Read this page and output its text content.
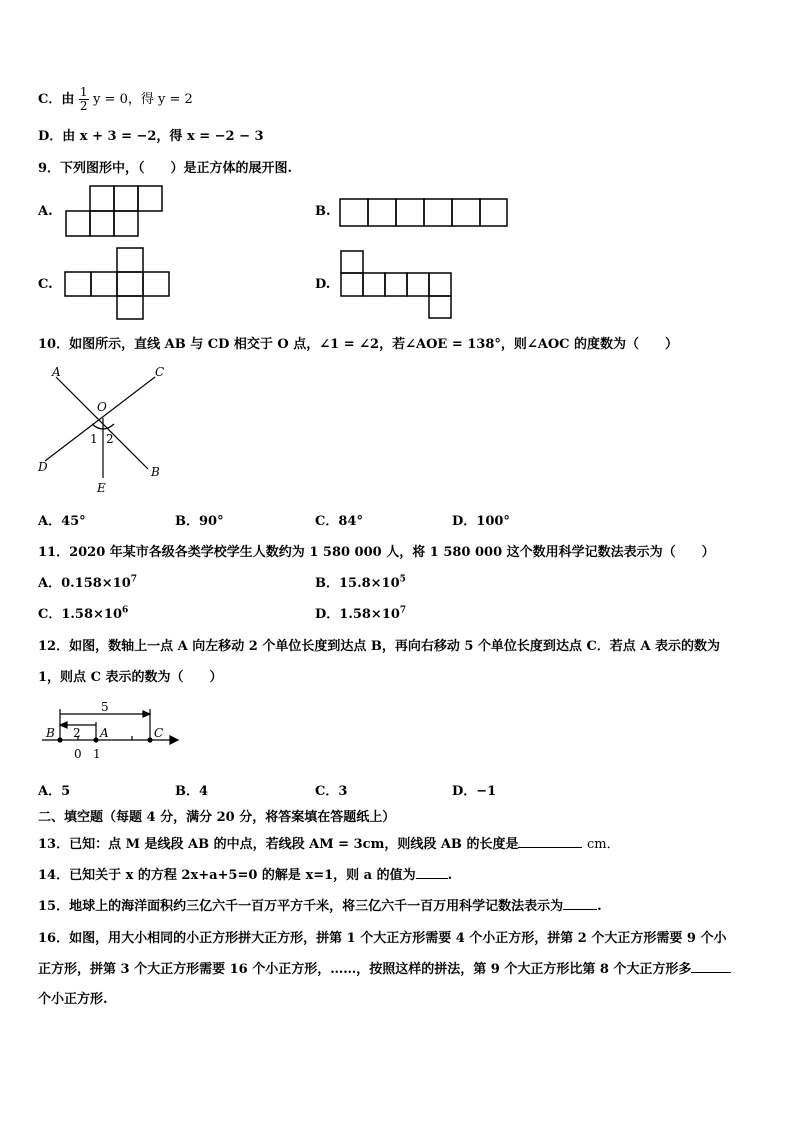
C．由 $\frac{1}{2}$ y = 0，得 y = 2
D．由 x + 3 = −2，得 x = −2 − 3
9．下列图形中，（　　）是正方体的展开图.
A.	B.
C.	D.
10．如图所示，直线 AB 与 CD 相交于 O 点，∠1 = ∠2，若∠AOE = 138°，则∠AOC 的度数为（　　）
A	C
O
D	B
E
1 2
A．45°	B．90°	C．84°	D．100°
11．2020 年某市各级各类学校学生人数约为 1 580 000 人，将 1 580 000 这个数用科学记数法表示为（　　）
A．$0.158\times 10^7$	B．$15.8\times 10^5$
C．$1.58\times 10^6$	D．$1.58\times 10^7$
12．如图，数轴上一点 A 向左移动 2 个单位长度到达点 B，再向右移动 5 个单位长度到达点 C．若点 A 表示的数为
1，则点 C 表示的数为（　　）
5
2
0 1
B	A	C
A．5	B．4	C．3	D．−1
二、填空题（每题 4 分，满分 20 分，将答案填在答题纸上）
13．已知：点 M 是线段 AB 的中点，若线段 AM = 3cm，则线段 AB 的长度是	cm．
14．已知关于 x 的方程 2x+a+5=0 的解是 x=1，则 a 的值为 .
15．地球上的海洋面积约三亿六千一百万平方千米，将三亿六千一百万用科学记数法表示为	.
16．如图，用大小相同的小正方形拼大正方形，拼第 1 个大正方形需要 4 个小正方形，拼第 2 个大正方形需要 9 个小
正方形，拼第 3 个大正方形需要 16 个小正方形，……，按照这样的拼法，第 9 个大正方形比第 8 个大正方形多
个小正方形.
